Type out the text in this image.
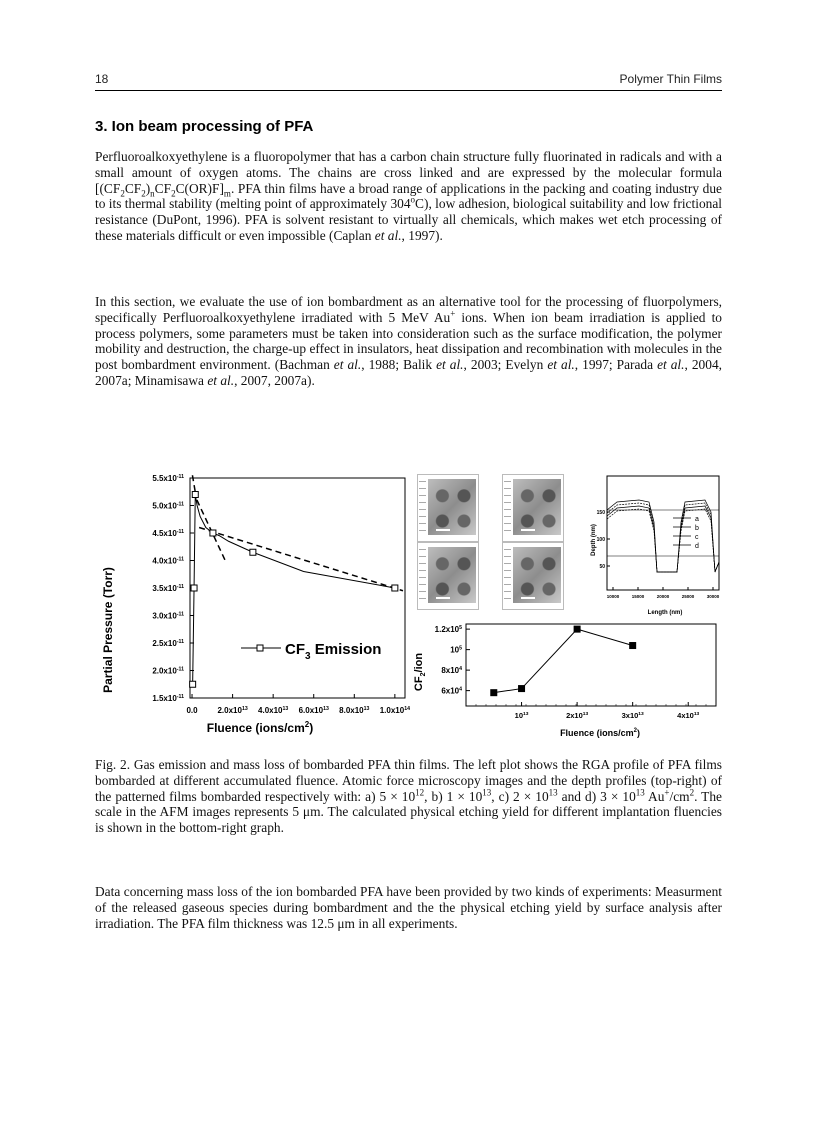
18	Polymer Thin Films
3. Ion beam processing of PFA

Perfluoroalkoxyethylene is a fluoropolymer that has a carbon chain structure fully fluorinated in radicals and with a small amount of oxygen atoms. The chains are cross linked and are expressed by the molecular formula $[(CF_2CF_2)_nCF_2C(OR)F]_m$. PFA thin films have a broad range of applications in the packing and coating industry due to its thermal stability (melting point of approximately 304$^o$C), low adhesion, biological suitability and low frictional resistance (DuPont, 1996). PFA is solvent resistant to virtually all chemicals, which makes wet etch processing of these materials difficult or even impossible (Caplan et al., 1997).

In this section, we evaluate the use of ion bombardment as an alternative tool for the processing of fluorpolymers, specifically Perfluoroalkoxyethylene irradiated with 5 MeV Au+ ions. When ion beam irradiation is applied to process polymers, some parameters must be taken into consideration such as the surface modification, the polymer mobility and destruction, the charge-up effect in insulators, heat dissipation and recombination with molecules in the post bombardment environment. (Bachman et al., 1988; Balik et al., 2003; Evelyn et al., 1997; Parada et al., 2004, 2007a; Minamisawa et al., 2007, 2007a).

Partial Pressure (Torr)
Fluence $(ions/cm^2)$
$CF_3$ Emission
$1.5x10^{-11}$
$2.0x10^{-11}$
$2.5x10^{-11}$
$3.0x10^{-11}$
$3.5x10^{-11}$
$4.0x10^{-11}$
$4.5x10^{-11}$
$5.0x10^{-11}$
$5.5x10^{-11}$
0.0 $2.0x10^{13}$ $4.0x10^{13}$ $6.0x10^{13}$ $8.0x10^{13}$ $1.0x10^{14}$
Depth (nm)
Length (nm)
10000	15000	20000	25000	30000
50
100
150
a
b
c
d
$CF_2$/ion
Fluence $(ions/cm^2)$
$6x10^4$
$8x10^4$
$10^5$
$1.2x10^5$
$10^{13}$	$2x10^{13}$	$3x10^{13}$	$4x10^{13}$

Fig. 2. Gas emission and mass loss of bombarded PFA thin films. The left plot shows the RGA profile of PFA films bombarded at different accumulated fluence. Atomic force microscopy images and the depth profiles (top-right) of the patterned films bombarded respectively with: a) $5 \times 10^{12}$, b) $1 \times 10^{13}$, c) $2 \times 10^{13}$ and d) $3 \times 10^{13}$ $Au^+/cm^2$. The scale in the AFM images represents 5 μm. The calculated physical etching yield for different implantation fluencies is shown in the bottom-right graph.

Data concerning mass loss of the ion bombarded PFA have been provided by two kinds of experiments: Measurment of the released gaseous species during bombardment and the the physical etching yield by surface analysis after irradiation. The PFA film thickness was 12.5 μm in all experiments.
